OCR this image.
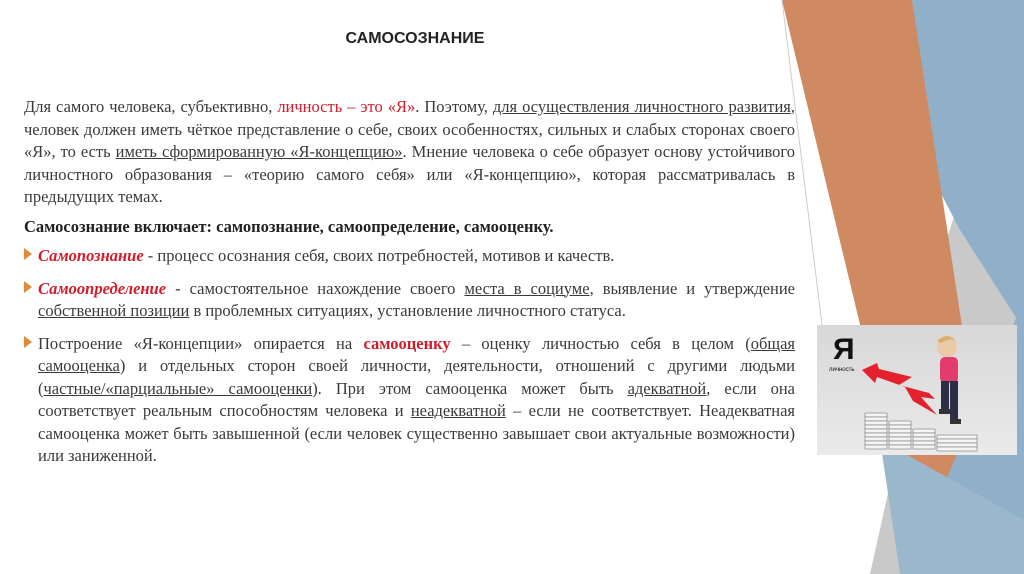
САМОСОЗНАНИЕ

Для самого человека, субъективно, личность – это «Я». Поэтому, для осуществления личностного развития, человек должен иметь чёткое представление о себе, своих особенностях, сильных и слабых сторонах своего «Я», то есть иметь сформированную «Я-концепцию». Мнение человека о себе образует основу устойчивого личностного образования – «теорию самого себя» или «Я-концепцию», которая рассматривалась в предыдущих темах.

Самосознание включает: самопознание, самоопределение, самооценку.

Самопознание - процесс осознания себя, своих потребностей, мотивов и качеств.
Самоопределение - самостоятельное нахождение своего места в социуме, выявление и утверждение собственной позиции в проблемных ситуациях, установление личностного статуса.
Построение «Я-концепции» опирается на самооценку – оценку личностью себя в целом (общая самооценка) и отдельных сторон своей личности, деятельности, отношений с другими людьми (частные/«парциальные» самооценки). При этом самооценка может быть адекватной, если она соответствует реальным способностям человека и неадекватной – если не соответствует. Неадекватная самооценка может быть завышенной (если человек существенно завышает свои актуальные возможности) или заниженной.
Я
личность
